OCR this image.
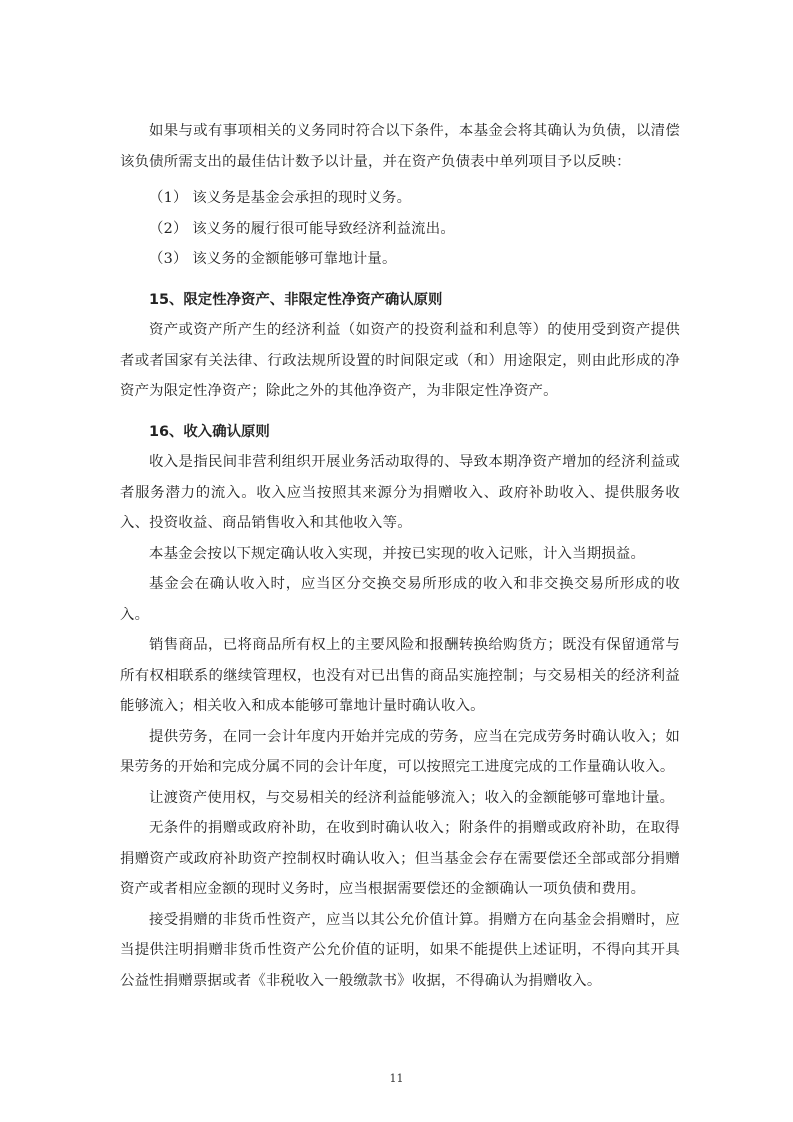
如果与或有事项相关的义务同时符合以下条件，本基金会将其确认为负债，以清偿该负债所需支出的最佳估计数予以计量，并在资产负债表中单列项目予以反映：

（1） 该义务是基金会承担的现时义务。

（2） 该义务的履行很可能导致经济利益流出。

（3） 该义务的金额能够可靠地计量。

15、限定性净资产、非限定性净资产确认原则

资产或资产所产生的经济利益（如资产的投资利益和利息等）的使用受到资产提供者或者国家有关法律、行政法规所设置的时间限定或（和）用途限定，则由此形成的净资产为限定性净资产；除此之外的其他净资产，为非限定性净资产。

16、收入确认原则

收入是指民间非营利组织开展业务活动取得的、导致本期净资产增加的经济利益或者服务潜力的流入。收入应当按照其来源分为捐赠收入、政府补助收入、提供服务收入、投资收益、商品销售收入和其他收入等。

本基金会按以下规定确认收入实现，并按已实现的收入记账，计入当期损益。

基金会在确认收入时，应当区分交换交易所形成的收入和非交换交易所形成的收入。

销售商品，已将商品所有权上的主要风险和报酬转换给购货方；既没有保留通常与所有权相联系的继续管理权，也没有对已出售的商品实施控制；与交易相关的经济利益能够流入；相关收入和成本能够可靠地计量时确认收入。

提供劳务，在同一会计年度内开始并完成的劳务，应当在完成劳务时确认收入；如果劳务的开始和完成分属不同的会计年度，可以按照完工进度完成的工作量确认收入。

让渡资产使用权，与交易相关的经济利益能够流入；收入的金额能够可靠地计量。

无条件的捐赠或政府补助，在收到时确认收入；附条件的捐赠或政府补助，在取得捐赠资产或政府补助资产控制权时确认收入；但当基金会存在需要偿还全部或部分捐赠资产或者相应金额的现时义务时，应当根据需要偿还的金额确认一项负债和费用。

接受捐赠的非货币性资产，应当以其公允价值计算。捐赠方在向基金会捐赠时，应当提供注明捐赠非货币性资产公允价值的证明，如果不能提供上述证明，不得向其开具公益性捐赠票据或者《非税收入一般缴款书》收据，不得确认为捐赠收入。

11
